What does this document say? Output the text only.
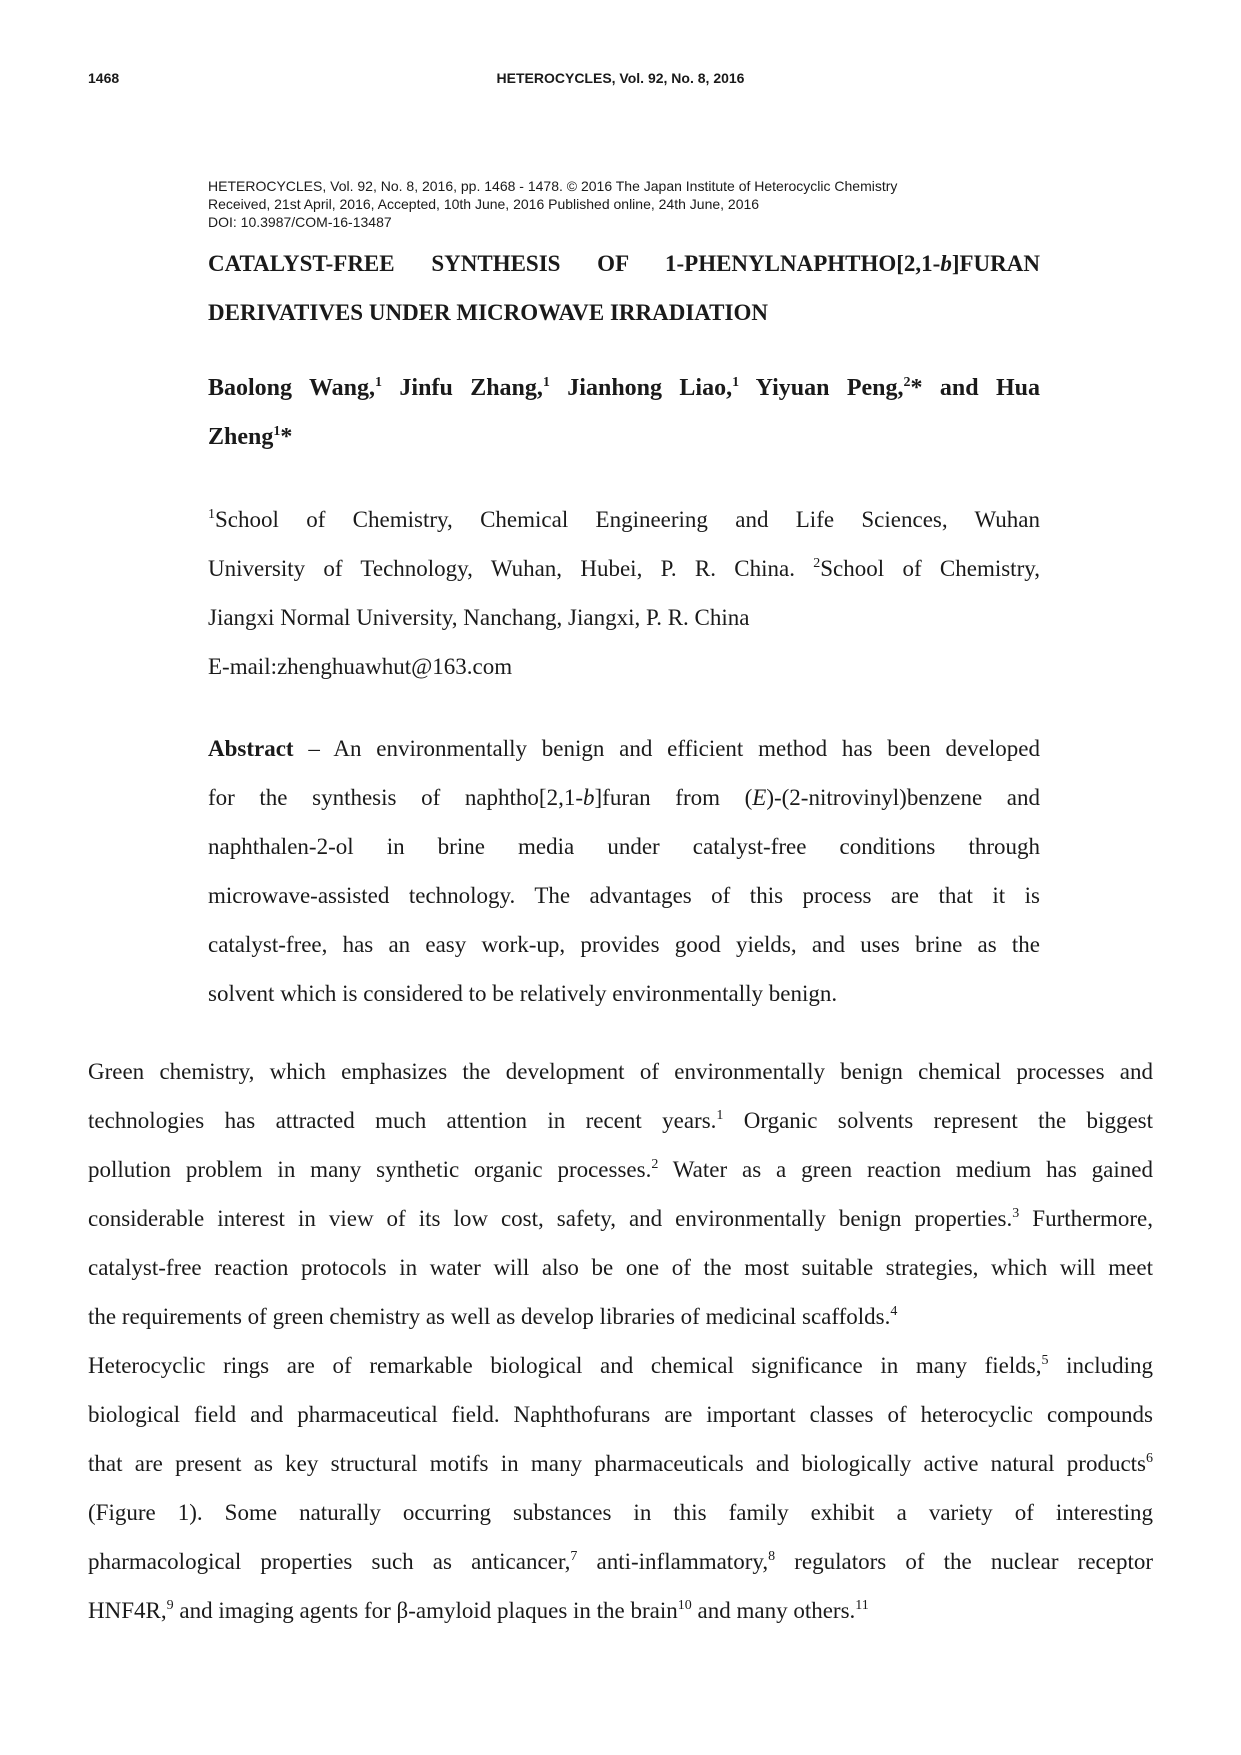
1468	HETEROCYCLES, Vol. 92, No. 8, 2016
HETEROCYCLES, Vol. 92, No. 8, 2016, pp. 1468 - 1478. © 2016 The Japan Institute of Heterocyclic Chemistry
Received, 21st April, 2016, Accepted, 10th June, 2016 Published online, 24th June, 2016
DOI: 10.3987/COM-16-13487
CATALYST-FREE SYNTHESIS OF 1-PHENYLNAPHTHO[2,1-b]FURAN
DERIVATIVES UNDER MICROWAVE IRRADIATION
Baolong Wang,$^1$ Jinfu Zhang,$^1$ Jianhong Liao,$^1$ Yiyuan Peng,$^2$* and Hua
Zheng$^1$*
$^1$School of Chemistry, Chemical Engineering and Life Sciences, Wuhan
University of Technology, Wuhan, Hubei, P. R. China. $^2$School of Chemistry,
Jiangxi Normal University, Nanchang, Jiangxi, P. R. China
E-mail:zhenghuawhut@163.com
Abstract – An environmentally benign and efficient method has been developed
for the synthesis of naphtho[2,1-b]furan from (E)-(2-nitrovinyl)benzene and
naphthalen-2-ol in brine media under catalyst-free conditions through
microwave-assisted technology. The advantages of this process are that it is
catalyst-free, has an easy work-up, provides good yields, and uses brine as the
solvent which is considered to be relatively environmentally benign.
Green chemistry, which emphasizes the development of environmentally benign chemical processes and
technologies has attracted much attention in recent years.$^1$ Organic solvents represent the biggest
pollution problem in many synthetic organic processes.$^2$ Water as a green reaction medium has gained
considerable interest in view of its low cost, safety, and environmentally benign properties.$^3$ Furthermore,
catalyst-free reaction protocols in water will also be one of the most suitable strategies, which will meet
the requirements of green chemistry as well as develop libraries of medicinal scaffolds.$^4$
Heterocyclic rings are of remarkable biological and chemical significance in many fields,$^5$ including
biological field and pharmaceutical field. Naphthofurans are important classes of heterocyclic compounds
that are present as key structural motifs in many pharmaceuticals and biologically active natural products$^6$
(Figure 1). Some naturally occurring substances in this family exhibit a variety of interesting
pharmacological properties such as anticancer,$^7$ anti-inflammatory,$^8$ regulators of the nuclear receptor
HNF4R,$^9$ and imaging agents for β-amyloid plaques in the brain$^{10}$ and many others.$^{11}$
